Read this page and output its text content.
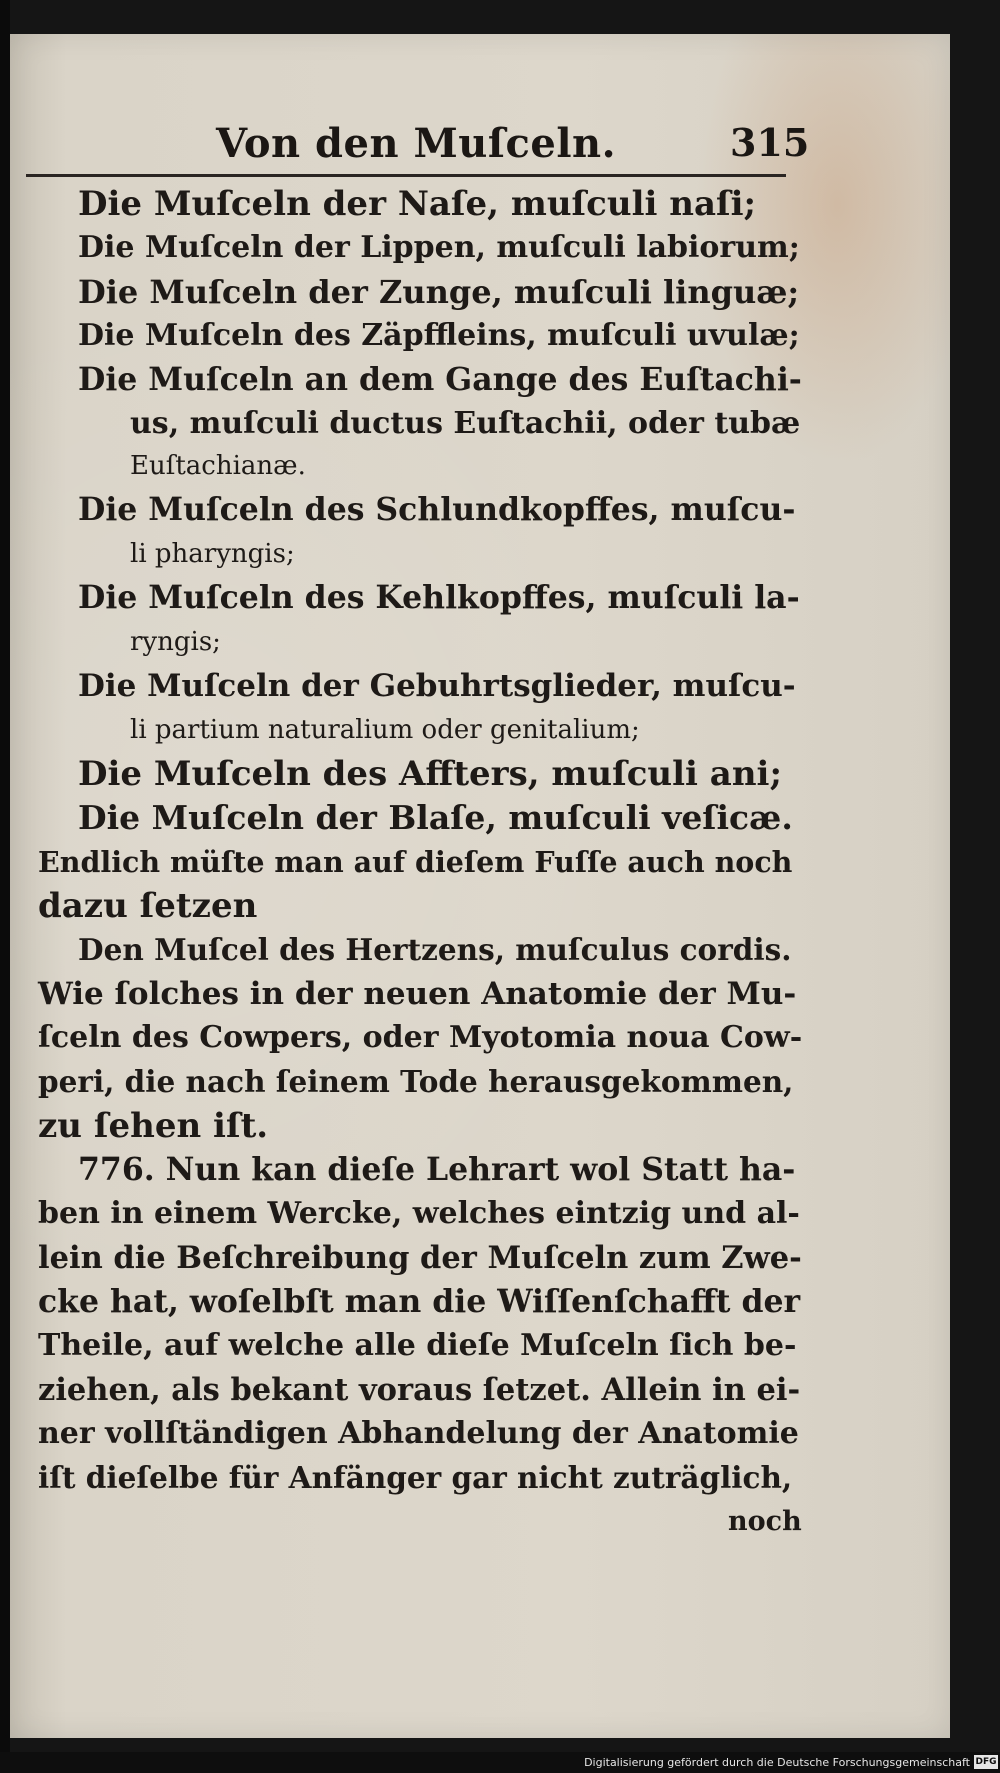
Von den Muſceln.	315
Die Muſceln der Naſe, muſculi naſi;
Die Muſceln der Lippen, muſculi labiorum;
Die Muſceln der Zunge, muſculi linguæ;
Die Muſceln des Zäpffleins, muſculi uvulæ;
Die Muſceln an dem Gange des Euſtachi-
us, muſculi ductus Euſtachii, oder tubæ
Euſtachianæ.
Die Muſceln des Schlundkopffes, muſcu-
li pharyngis;
Die Muſceln des Kehlkopffes, muſculi la-
ryngis;
Die Muſceln der Gebuhrtsglieder, muſcu-
li partium naturalium oder genitalium;
Die Muſceln des Affters, muſculi ani;
Die Muſceln der Blaſe, muſculi veſicæ.
Endlich müſte man auf dieſem Fuſſe auch noch
dazu ſetzen
Den Muſcel des Hertzens, muſculus cordis.
Wie ſolches in der neuen Anatomie der Mu-
ſceln des Cowpers, oder Myotomia noua Cow-
peri, die nach ſeinem Tode herausgekommen,
zu ſehen iſt.
776. Nun kan dieſe Lehrart wol Statt ha-
ben in einem Wercke, welches eintzig und al-
lein die Beſchreibung der Muſceln zum Zwe-
cke hat, woſelbſt man die Wiſſenſchafft der
Theile, auf welche alle dieſe Muſceln ſich be-
ziehen, als bekant voraus ſetzet. Allein in ei-
ner vollſtändigen Abhandelung der Anatomie
iſt dieſelbe für Anfänger gar nicht zuträglich,
noch
Digitalisierung gefördert durch die Deutsche Forschungsgemeinschaft DFG
